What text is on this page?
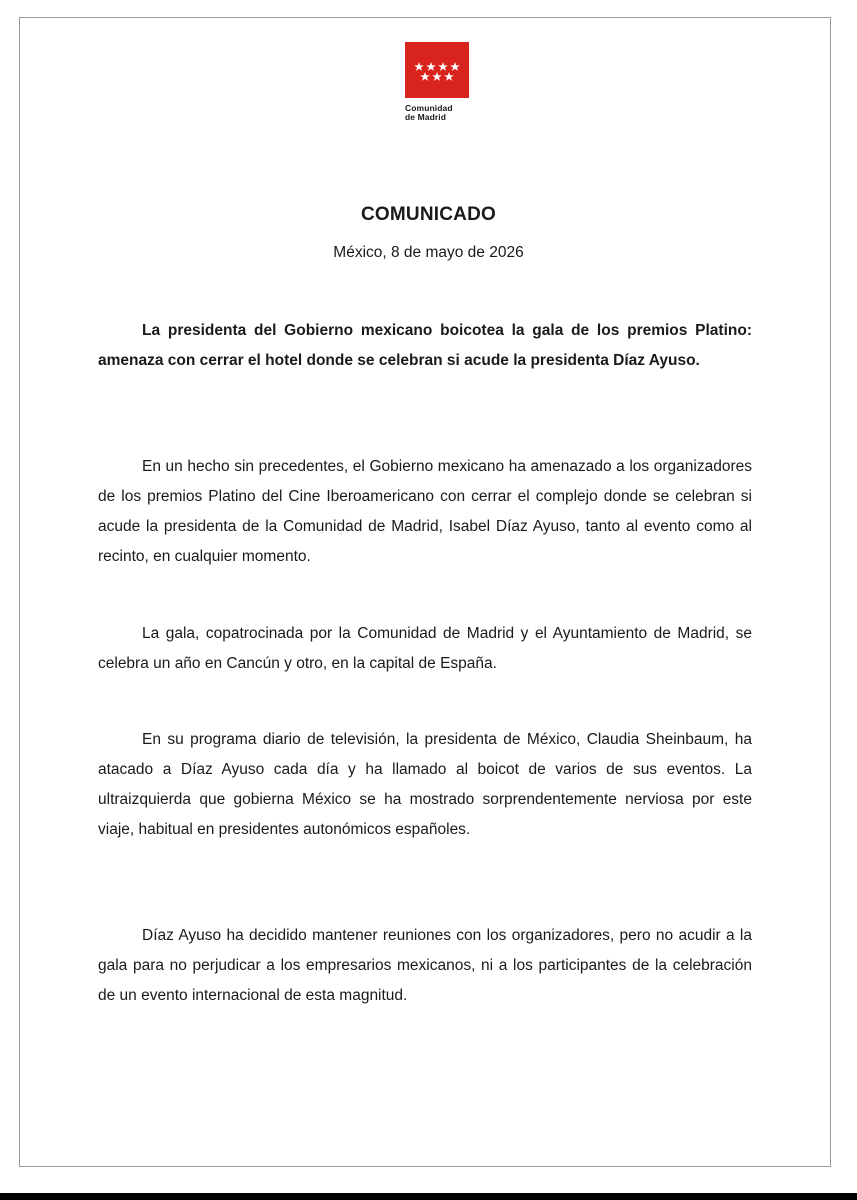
Comunidad
de Madrid
COMUNICADO
México, 8 de mayo de 2026
La presidenta del Gobierno mexicano boicotea la gala de los premios Platino: amenaza con cerrar el hotel donde se celebran si acude la presidenta Díaz Ayuso.
En un hecho sin precedentes, el Gobierno mexicano ha amenazado a los organizadores de los premios Platino del Cine Iberoamericano con cerrar el complejo donde se celebran si acude la presidenta de la Comunidad de Madrid, Isabel Díaz Ayuso, tanto al evento como al recinto, en cualquier momento.
La gala, copatrocinada por la Comunidad de Madrid y el Ayuntamiento de Madrid, se celebra un año en Cancún y otro, en la capital de España.
En su programa diario de televisión, la presidenta de México, Claudia Sheinbaum, ha atacado a Díaz Ayuso cada día y ha llamado al boicot de varios de sus eventos. La ultraizquierda que gobierna México se ha mostrado sorprendentemente nerviosa por este viaje, habitual en presidentes autonómicos españoles.
Díaz Ayuso ha decidido mantener reuniones con los organizadores, pero no acudir a la gala para no perjudicar a los empresarios mexicanos, ni a los participantes de la celebración de un evento internacional de esta magnitud.
